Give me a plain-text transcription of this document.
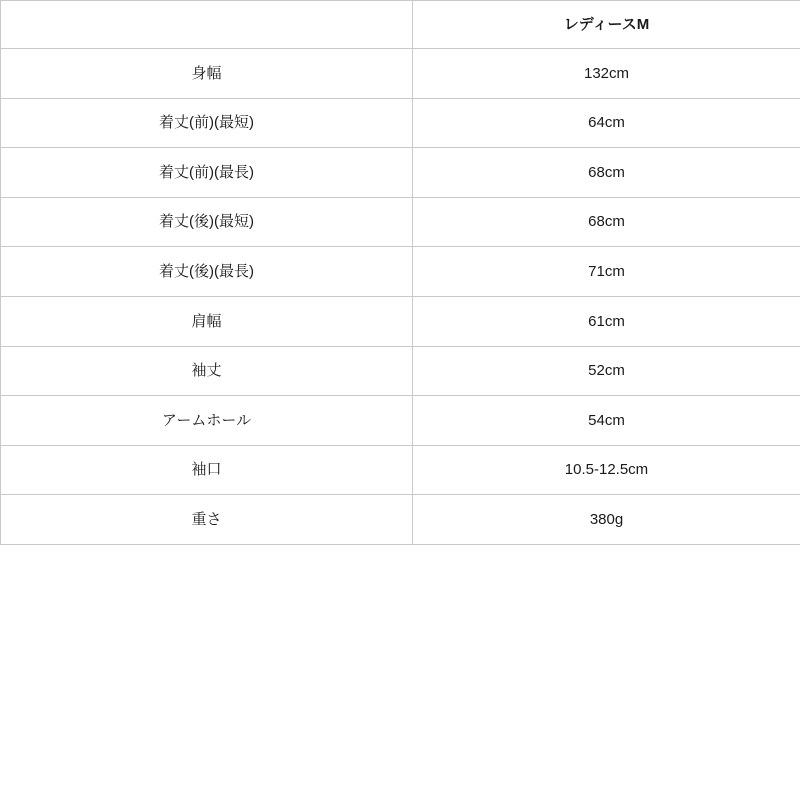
	レディースM
身幅	132cm
着丈(前)(最短)	64cm
着丈(前)(最長)	68cm
着丈(後)(最短)	68cm
着丈(後)(最長)	71cm
肩幅	61cm
袖丈	52cm
アームホール	54cm
袖口	10.5-12.5cm
重さ	380g
